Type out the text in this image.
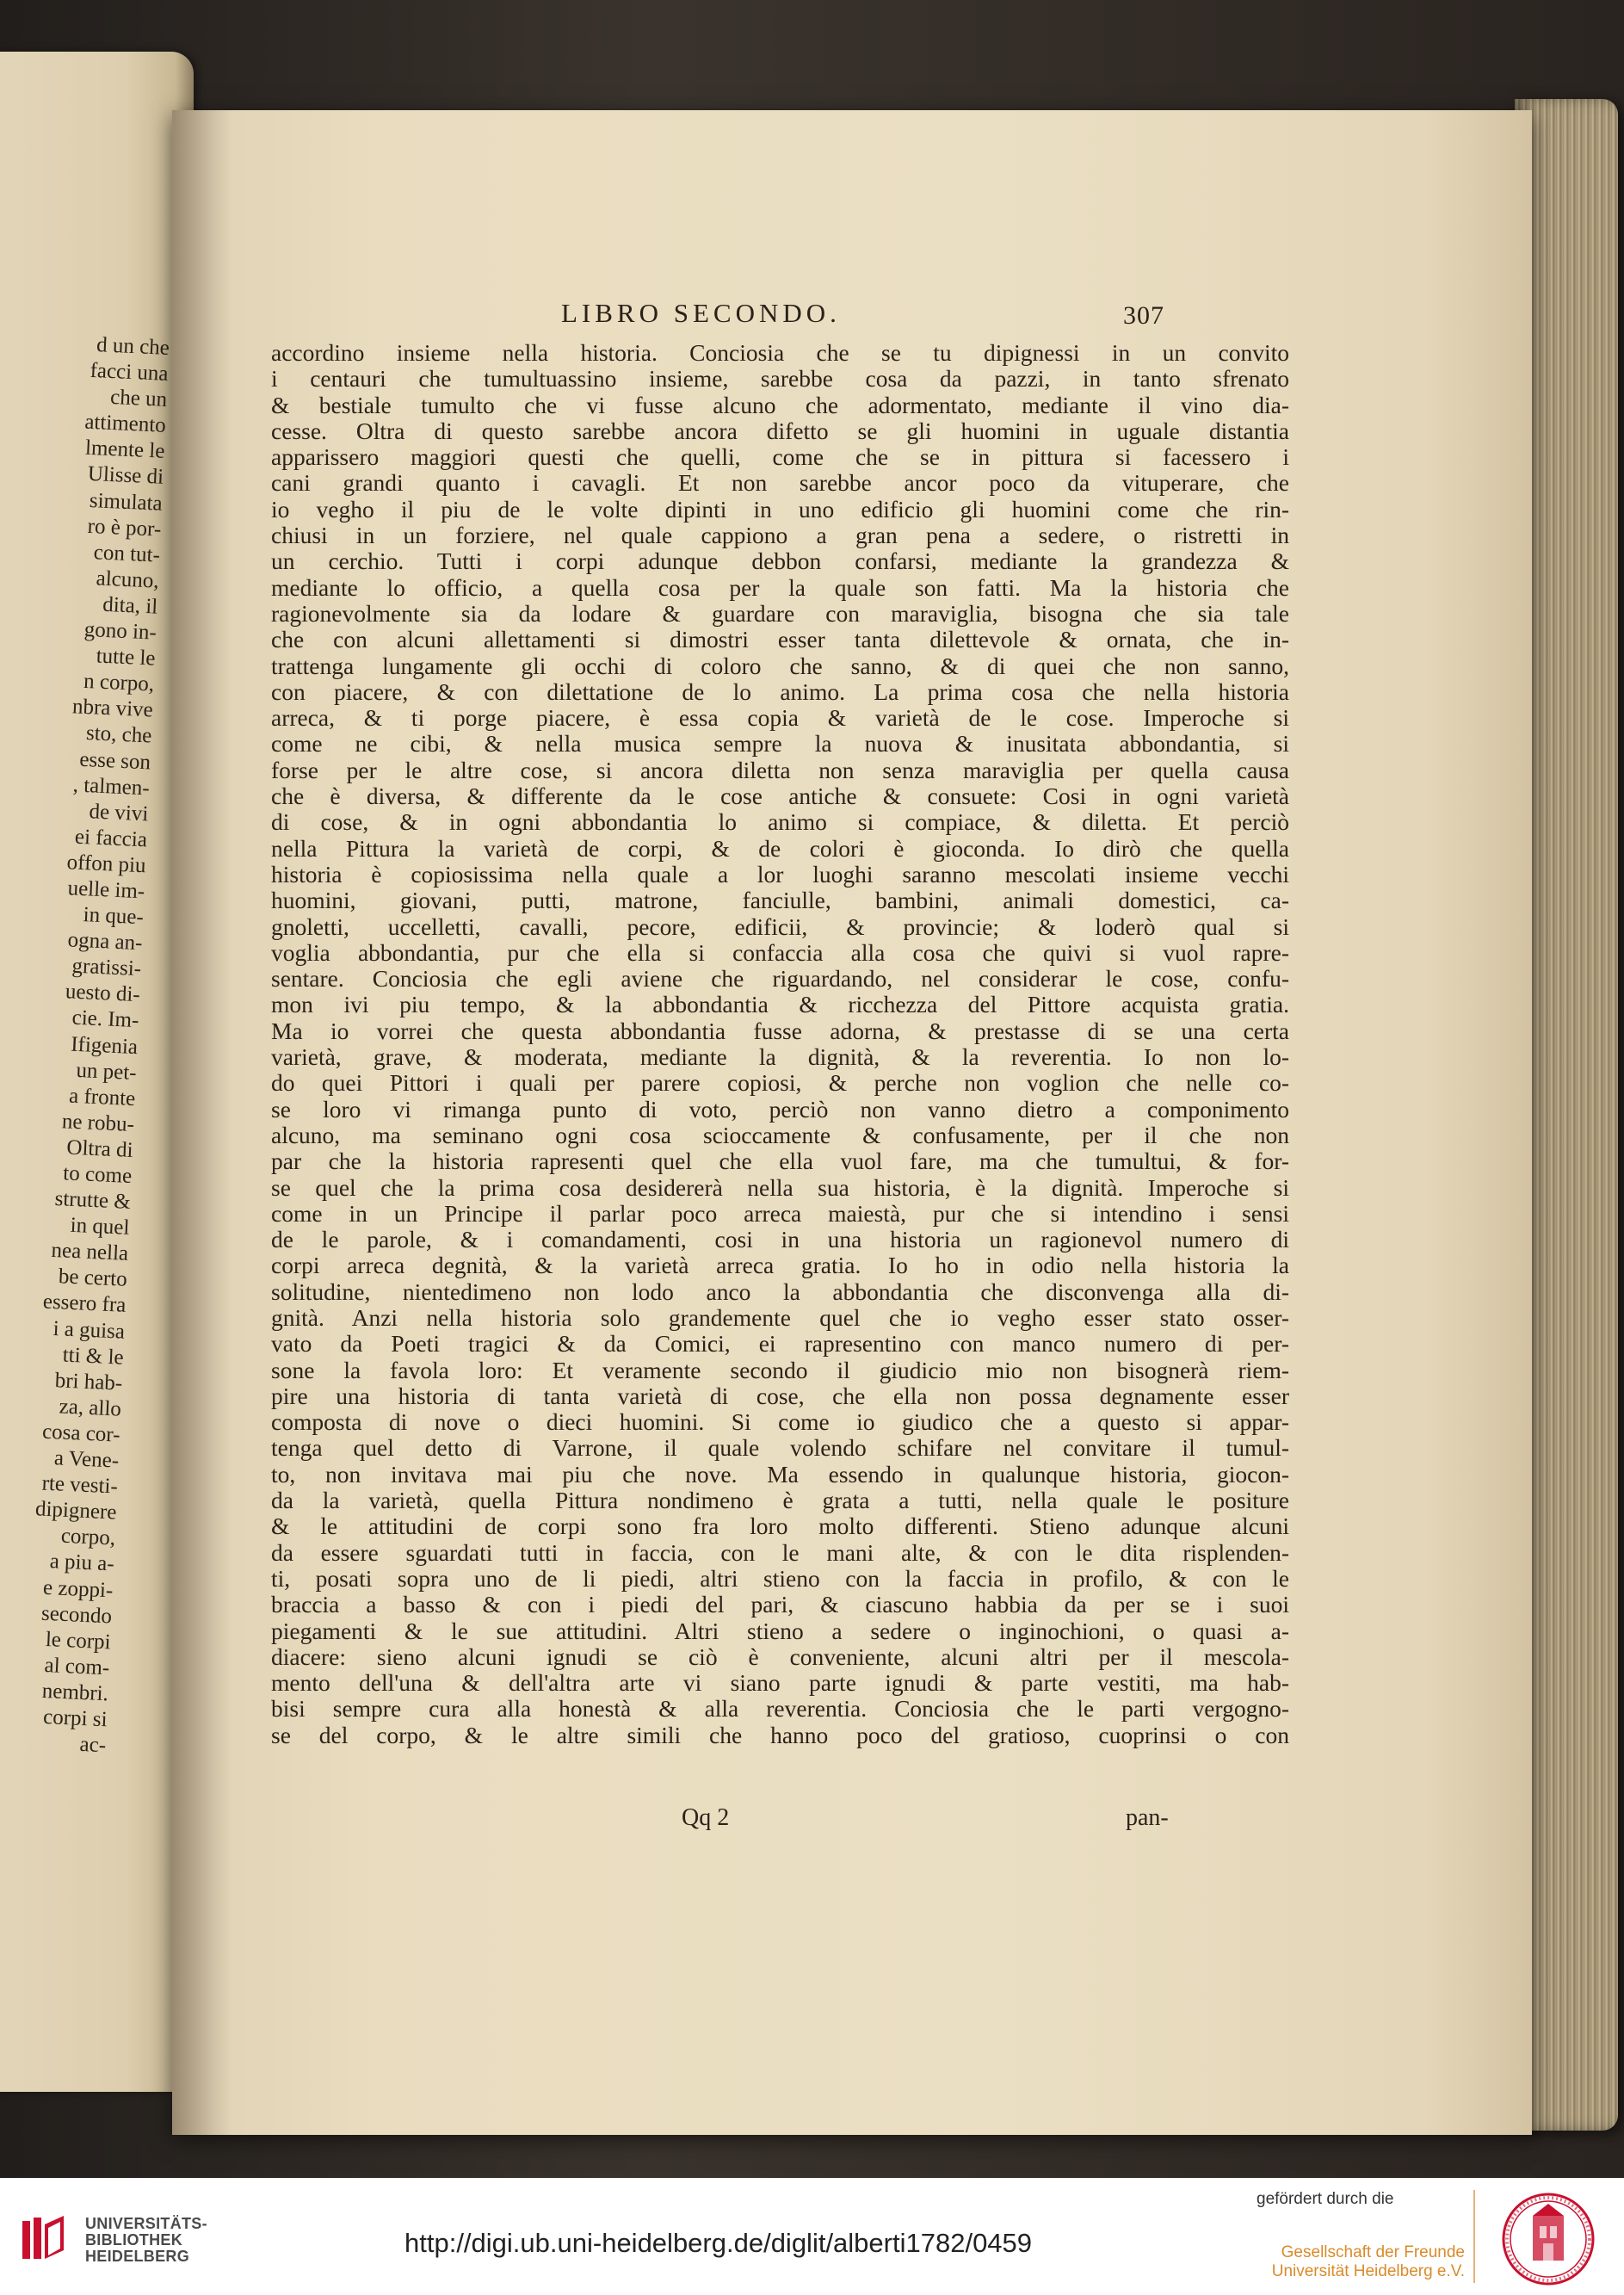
d un che
facci una
che un
attimento
lmente le
Ulisse di
simulata
ro è por-
con tut-
alcuno,
dita, il
gono in-
tutte le
n corpo,
nbra vive
sto, che
esse son
, talmen-
de vivi
ei faccia
offon piu
uelle im-
in que-
ogna an-
gratissi-
uesto di-
cie. Im-
Ifigenia
un pet-
a fronte
ne robu-
Oltra di
to come
strutte &
in quel
nea nella
be certo
essero fra
i a guisa
tti & le
bri hab-
za, allo
cosa cor-
a Vene-
rte vesti-
dipignere
corpo,
a piu a-
e zoppi-
secondo
le corpi
al com-
nembri.
corpi si
ac-
LIBRO SECONDO.	307
accordino insieme nella historia. Conciosia che se tu dipignessi in un convito
i centauri che tumultuassino insieme, sarebbe cosa da pazzi, in tanto sfrenato
& bestiale tumulto che vi fusse alcuno che adormentato, mediante il vino dia-
cesse. Oltra di questo sarebbe ancora difetto se gli huomini in uguale distantia
apparissero maggiori questi che quelli, come che se in pittura si facessero i
cani grandi quanto i cavagli. Et non sarebbe ancor poco da vituperare, che
io vegho il piu de le volte dipinti in uno edificio gli huomini come che rin-
chiusi in un forziere, nel quale cappiono a gran pena a sedere, o ristretti in
un cerchio. Tutti i corpi adunque debbon confarsi, mediante la grandezza &
mediante lo officio, a quella cosa per la quale son fatti. Ma la historia che
ragionevolmente sia da lodare & guardare con maraviglia, bisogna che sia tale
che con alcuni allettamenti si dimostri esser tanta dilettevole & ornata, che in-
trattenga lungamente gli occhi di coloro che sanno, & di quei che non sanno,
con piacere, & con dilettatione de lo animo. La prima cosa che nella historia
arreca, & ti porge piacere, è essa copia & varietà de le cose. Imperoche si
come ne cibi, & nella musica sempre la nuova & inusitata abbondantia, si
forse per le altre cose, si ancora diletta non senza maraviglia per quella causa
che è diversa, & differente da le cose antiche & consuete: Cosi in ogni varietà
di cose, & in ogni abbondantia lo animo si compiace, & diletta. Et perciò
nella Pittura la varietà de corpi, & de colori è gioconda. Io dirò che quella
historia è copiosissima nella quale a lor luoghi saranno mescolati insieme vecchi
huomini, giovani, putti, matrone, fanciulle, bambini, animali domestici, ca-
gnoletti, uccelletti, cavalli, pecore, edificii, & provincie; & loderò qual si
voglia abbondantia, pur che ella si confaccia alla cosa che quivi si vuol rapre-
sentare. Conciosia che egli aviene che riguardando, nel considerar le cose, confu-
mon ivi piu tempo, & la abbondantia & ricchezza del Pittore acquista gratia.
Ma io vorrei che questa abbondantia fusse adorna, & prestasse di se una certa
varietà, grave, & moderata, mediante la dignità, & la reverentia. Io non lo-
do quei Pittori i quali per parere copiosi, & perche non voglion che nelle co-
se loro vi rimanga punto di voto, perciò non vanno dietro a componimento
alcuno, ma seminano ogni cosa scioccamente & confusamente, per il che non
par che la historia rapresenti quel che ella vuol fare, ma che tumultui, & for-
se quel che la prima cosa desidererà nella sua historia, è la dignità. Imperoche si
come in un Principe il parlar poco arreca maiestà, pur che si intendino i sensi
de le parole, & i comandamenti, cosi in una historia un ragionevol numero di
corpi arreca degnità, & la varietà arreca gratia. Io ho in odio nella historia la
solitudine, nientedimeno non lodo anco la abbondantia che disconvenga alla di-
gnità. Anzi nella historia solo grandemente quel che io vegho esser stato osser-
vato da Poeti tragici & da Comici, ei rapresentino con manco numero di per-
sone la favola loro: Et veramente secondo il giudicio mio non bisognerà riem-
pire una historia di tanta varietà di cose, che ella non possa degnamente esser
composta di nove o dieci huomini. Si come io giudico che a questo si appar-
tenga quel detto di Varrone, il quale volendo schifare nel convitare il tumul-
to, non invitava mai piu che nove. Ma essendo in qualunque historia, giocon-
da la varietà, quella Pittura nondimeno è grata a tutti, nella quale le positure
& le attitudini de corpi sono fra loro molto differenti. Stieno adunque alcuni
da essere sguardati tutti in faccia, con le mani alte, & con le dita risplenden-
ti, posati sopra uno de li piedi, altri stieno con la faccia in profilo, & con le
braccia a basso & con i piedi del pari, & ciascuno habbia da per se i suoi
piegamenti & le sue attitudini. Altri stieno a sedere o inginochioni, o quasi a-
diacere: sieno alcuni ignudi se ciò è conveniente, alcuni altri per il mescola-
mento dell'una & dell'altra arte vi siano parte ignudi & parte vestiti, ma hab-
bisi sempre cura alla honestà & alla reverentia. Conciosia che le parti vergogno-
se del corpo, & le altre simili che hanno poco del gratioso, cuoprinsi o con
Qq 2	pan-
UNIVERSITÄTS-
BIBLIOTHEK
HEIDELBERG	http://digi.ub.uni-heidelberg.de/diglit/alberti1782/0459
gefördert durch die
Gesellschaft der Freunde
Universität Heidelberg e.V.
